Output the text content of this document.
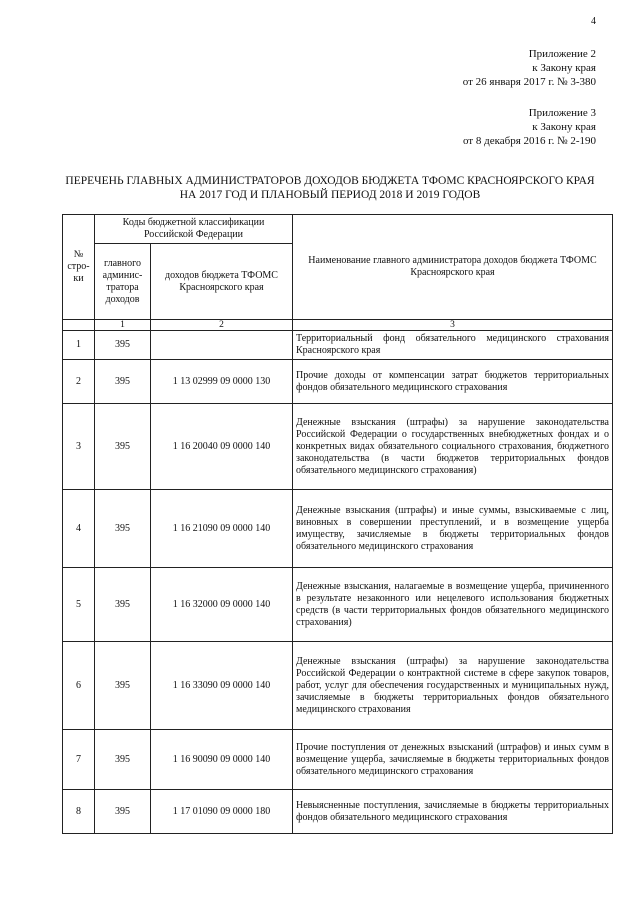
4
Приложение 2
к Закону края
от 26 января 2017 г. № 3-380
Приложение 3
к Закону края
от 8 декабря 2016 г. № 2-190
ПЕРЕЧЕНЬ ГЛАВНЫХ АДМИНИСТРАТОРОВ ДОХОДОВ БЮДЖЕТА ТФОМС КРАСНОЯРСКОГО КРАЯ
НА 2017 ГОД И ПЛАНОВЫЙ ПЕРИОД 2018 И 2019 ГОДОВ
№ стро-ки	Коды бюджетной классификации Российской Федерации		Наименование главного администратора доходов бюджета ТФОМС Красноярского края
	главного админис-тратора доходов	доходов бюджета ТФОМС Красноярского края	
	1	2	3
1	395		Территориальный фонд обязательного медицинского страхования Красноярского края
2	395	1 13 02999 09 0000 130	Прочие доходы от компенсации затрат бюджетов территориальных фондов обязательного медицинского страхования
3	395	1 16 20040 09 0000 140	Денежные взыскания (штрафы) за нарушение законодательства Российской Федерации о государственных внебюджетных фондах и о конкретных видах обязательного социального страхования, бюджетного законодательства (в части бюджетов территориальных фондов обязательного медицинского страхования)
4	395	1 16 21090 09 0000 140	Денежные взыскания (штрафы) и иные суммы, взыскиваемые с лиц, виновных в совершении преступлений, и в возмещение ущерба имуществу, зачисляемые в бюджеты территориальных фондов обязательного медицинского страхования
5	395	1 16 32000 09 0000 140	Денежные взыскания, налагаемые в возмещение ущерба, причиненного в результате незаконного или нецелевого использования бюджетных средств (в части территориальных фондов обязательного медицинского страхования)
6	395	1 16 33090 09 0000 140	Денежные взыскания (штрафы) за нарушение законодательства Российской Федерации о контрактной системе в сфере закупок товаров, работ, услуг для обеспечения государственных и муниципальных нужд, зачисляемые в бюджеты территориальных фондов обязательного медицинского страхования
7	395	1 16 90090 09 0000 140	Прочие поступления от денежных взысканий (штрафов) и иных сумм в возмещение ущерба, зачисляемые в бюджеты территориальных фондов обязательного медицинского страхования
8	395	1 17 01090 09 0000 180	Невыясненные поступления, зачисляемые в бюджеты территориальных фондов обязательного медицинского страхования
